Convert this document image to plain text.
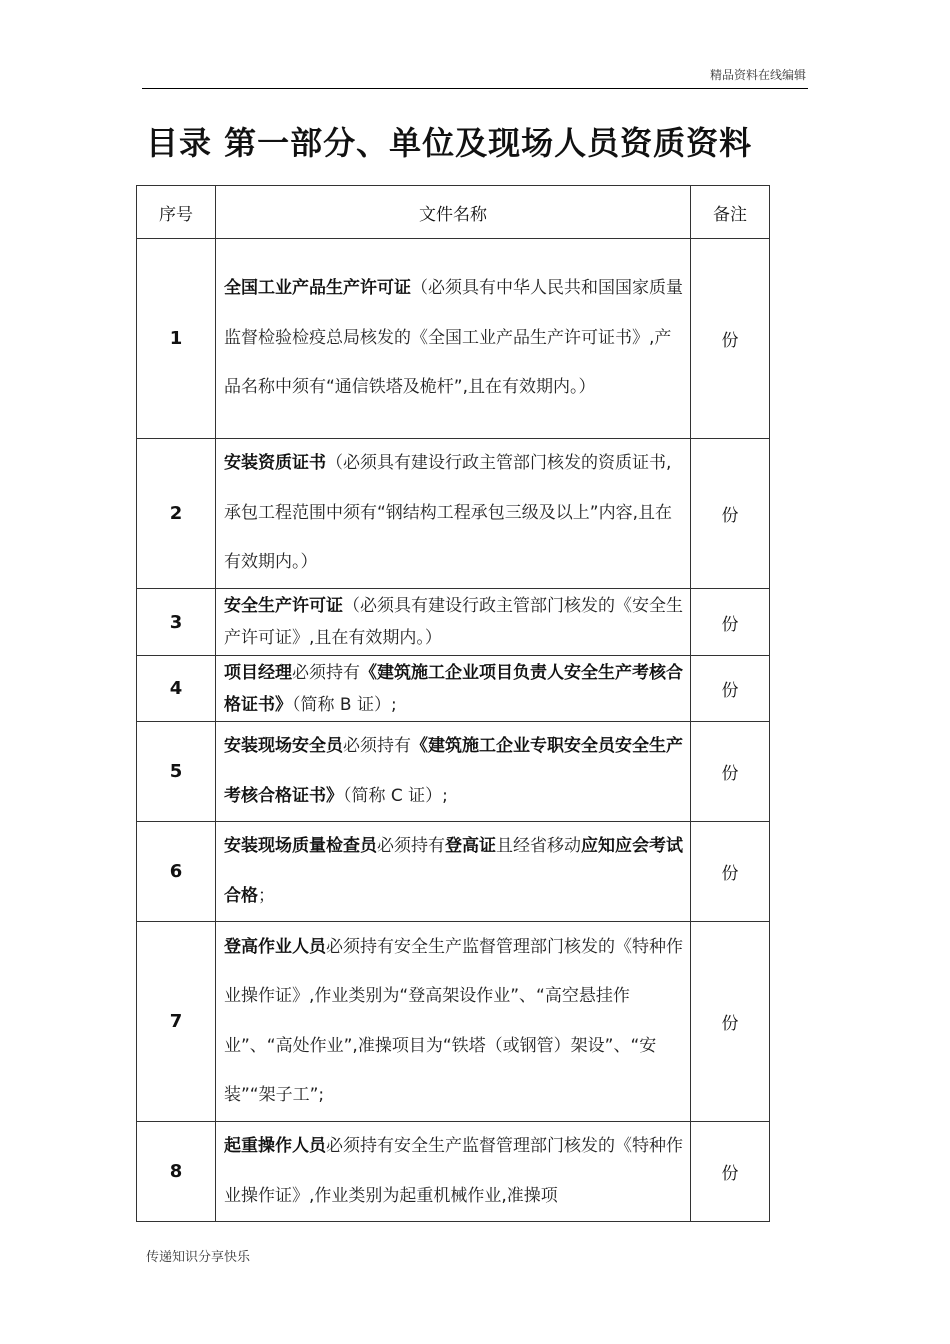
精品资料在线编辑
目录 第一部分、单位及现场人员资质资料
序号	文件名称	备注
1	全国工业产品生产许可证（必须具有中华人民共和国国家质量监督检验检疫总局核发的《全国工业产品生产许可证书》,产品名称中须有“通信铁塔及桅杆”,且在有效期内。）	份
2	安装资质证书（必须具有建设行政主管部门核发的资质证书,承包工程范围中须有“钢结构工程承包三级及以上”内容,且在有效期内。）	份
3	安全生产许可证（必须具有建设行政主管部门核发的《安全生产许可证》,且在有效期内。）	份
4	项目经理必须持有《建筑施工企业项目负责人安全生产考核合格证书》（简称 B 证）;	份
5	安装现场安全员必须持有《建筑施工企业专职安全员安全生产考核合格证书》（简称 C 证）;	份
6	安装现场质量检查员必须持有登高证且经省移动应知应会考试合格；	份
7	登高作业人员必须持有安全生产监督管理部门核发的《特种作业操作证》,作业类别为“登高架设作业”、“高空悬挂作业”、“高处作业”,准操项目为“铁塔（或钢管）架设”、“安装”“架子工”;	份
8	起重操作人员必须持有安全生产监督管理部门核发的《特种作业操作证》,作业类别为起重机械作业,准操项	份
传递知识分享快乐
